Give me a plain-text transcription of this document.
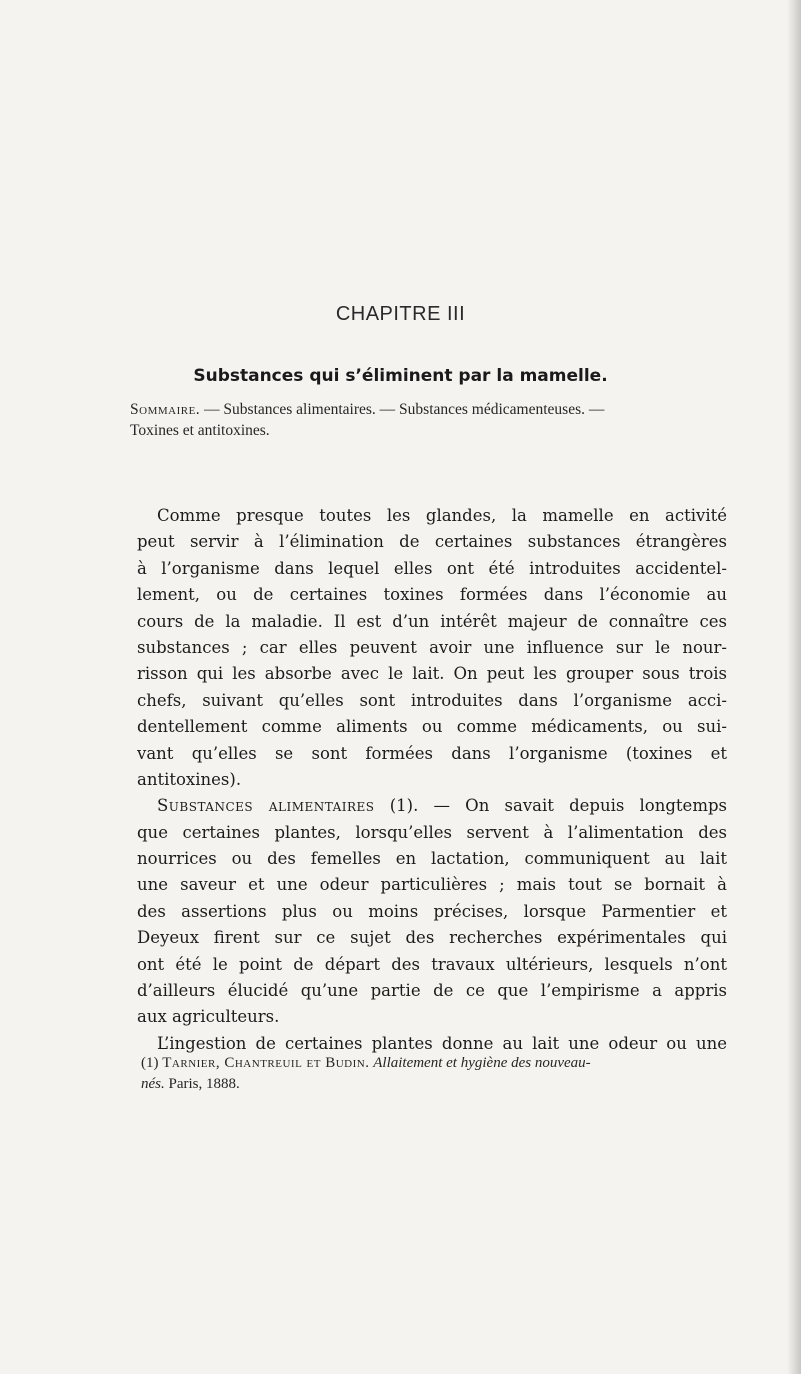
CHAPITRE III
Substances qui s’éliminent par la mamelle.
Sommaire. — Substances alimentaires. — Substances médicamenteuses. —
Toxines et antitoxines.
Comme presque toutes les glandes, la mamelle en activité
peut servir à l’élimination de certaines substances étrangères
à l’organisme dans lequel elles ont été introduites accidentel-
lement, ou de certaines toxines formées dans l’économie au
cours de la maladie. Il est d’un intérêt majeur de connaître ces
substances ; car elles peuvent avoir une influence sur le nour-
risson qui les absorbe avec le lait. On peut les grouper sous trois
chefs, suivant qu’elles sont introduites dans l’organisme acci-
dentellement comme aliments ou comme médicaments, ou sui-
vant qu’elles se sont formées dans l’organisme (toxines et
antitoxines).
Substances alimentaires (1). — On savait depuis longtemps
que certaines plantes, lorsqu’elles servent à l’alimentation des
nourrices ou des femelles en lactation, communiquent au lait
une saveur et une odeur particulières ; mais tout se bornait à
des assertions plus ou moins précises, lorsque Parmentier et
Deyeux firent sur ce sujet des recherches expérimentales qui
ont été le point de départ des travaux ultérieurs, lesquels n’ont
d’ailleurs élucidé qu’une partie de ce que l’empirisme a appris
aux agriculteurs.
L’ingestion de certaines plantes donne au lait une odeur ou une
(1) Tarnier, Chantreuil et Budin. Allaitement et hygiène des nouveau-
nés. Paris, 1888.
